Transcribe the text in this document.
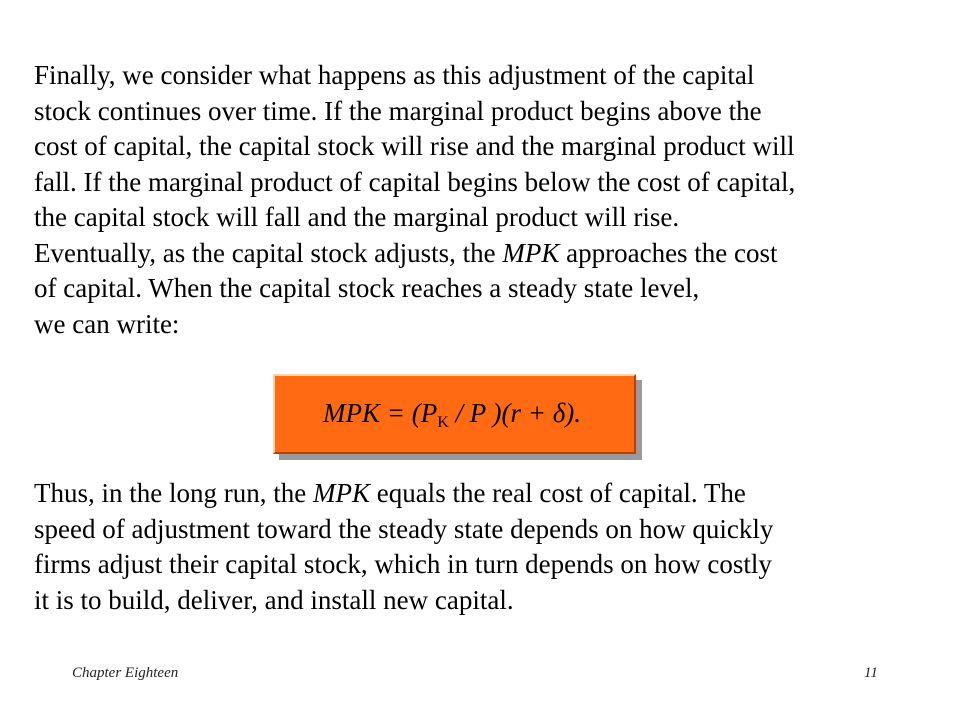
Finally, we consider what happens as this adjustment of the capital
stock continues over time. If the marginal product begins above the
cost of capital, the capital stock will rise and the marginal product will
fall. If the marginal product of capital begins below the cost of capital,
the capital stock will fall and the marginal product will rise.
Eventually, as the capital stock adjusts, the MPK approaches the cost
of capital. When the capital stock reaches a steady state level,
we can write:
MPK = ($P_K$ / P )(r + δ).
Thus, in the long run, the MPK equals the real cost of capital. The
speed of adjustment toward the steady state depends on how quickly
firms adjust their capital stock, which in turn depends on how costly
it is to build, deliver, and install new capital.
Chapter Eighteen	11
